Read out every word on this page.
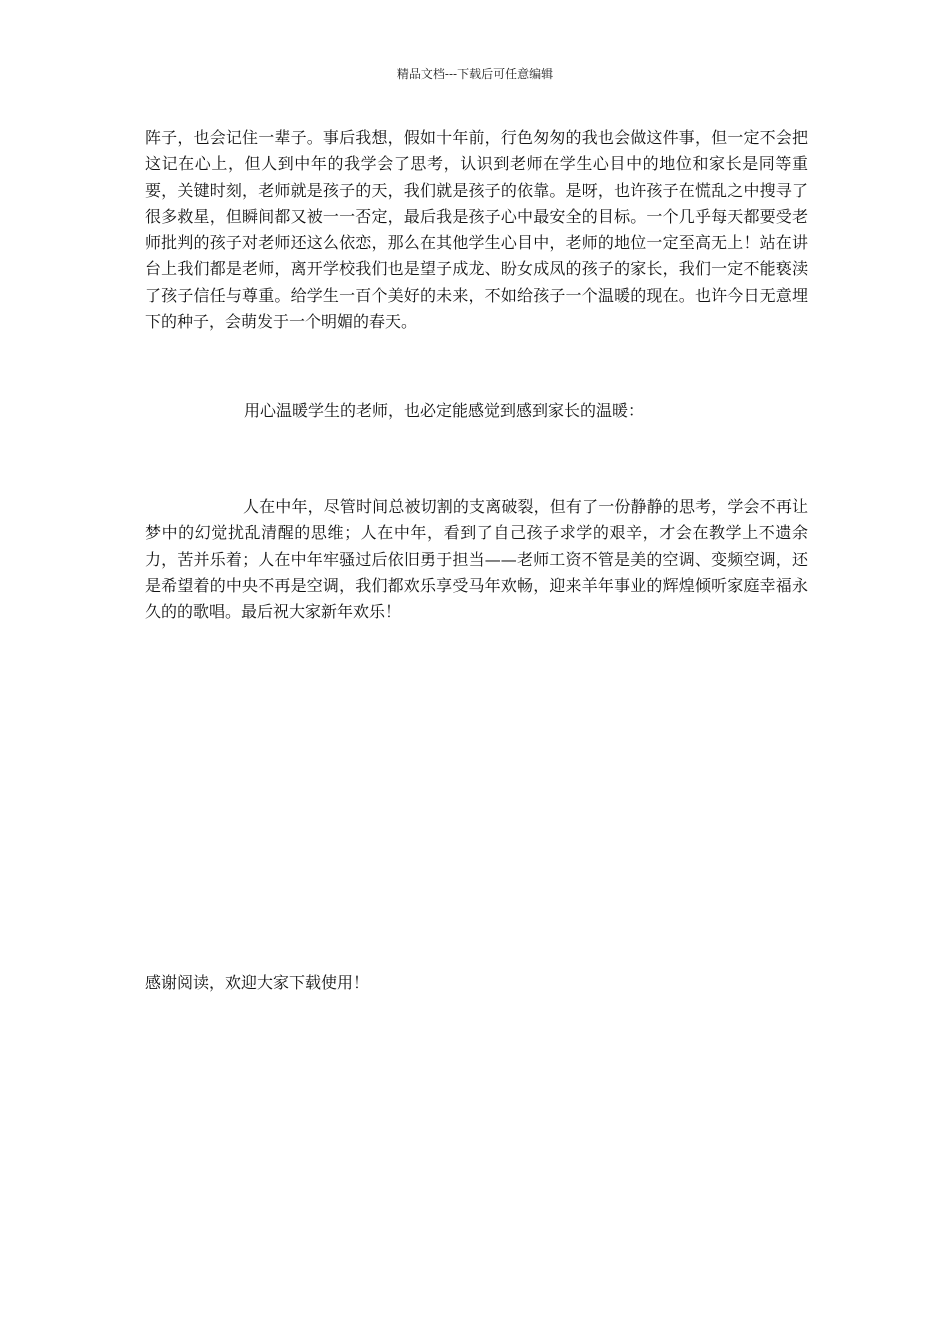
精品文档---下载后可任意编辑

阵子，也会记住一辈子。事后我想，假如十年前，行色匆匆的我也会做这件事，但一定不会把这记在心上，但人到中年的我学会了思考，认识到老师在学生心目中的地位和家长是同等重要，关键时刻，老师就是孩子的天，我们就是孩子的依靠。是呀，也许孩子在慌乱之中搜寻了很多救星，但瞬间都又被一一否定，最后我是孩子心中最安全的目标。一个几乎每天都要受老师批判的孩子对老师还这么依恋，那么在其他学生心目中，老师的地位一定至高无上！站在讲台上我们都是老师，离开学校我们也是望子成龙、盼女成凤的孩子的家长，我们一定不能亵渎了孩子信任与尊重。给学生一百个美好的未来，不如给孩子一个温暖的现在。也许今日无意埋下的种子，会萌发于一个明媚的春天。

用心温暖学生的老师，也必定能感觉到感到家长的温暖：

人在中年，尽管时间总被切割的支离破裂，但有了一份静静的思考，学会不再让梦中的幻觉扰乱清醒的思维；人在中年，看到了自己孩子求学的艰辛，才会在教学上不遗余力，苦并乐着；人在中年牢骚过后依旧勇于担当——老师工资不管是美的空调、变频空调，还是希望着的中央不再是空调，我们都欢乐享受马年欢畅，迎来羊年事业的辉煌倾听家庭幸福永久的的歌唱。最后祝大家新年欢乐！

感谢阅读，欢迎大家下载使用！
